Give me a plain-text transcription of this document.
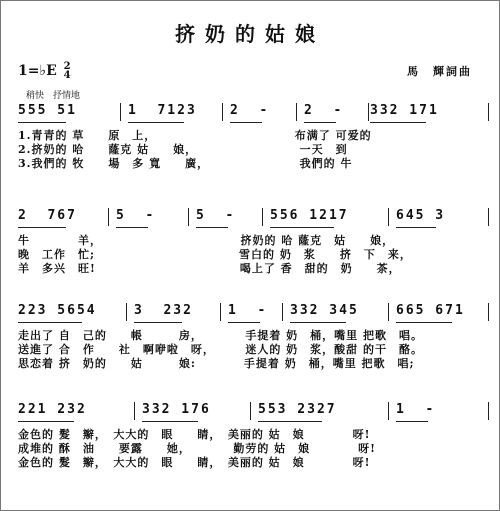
挤奶的姑娘
1=♭E 2
4	馬　輝詞曲
稍快　抒情地
555 51	1  7123	2  -	2  - 332 171
1.青青的 草　　原　上，　　　　　　　　　　　　布满了 可爱的
2.挤奶的 哈　　蕯克 姑　　娘，　　　　　　　　　一天　到
3.我們的 牧　　場　多 寬　　廣，　　　　　　　　我們的 牛
2  767	5  -	5  -	556 1217	645 3
牛　　　　羊，　　　　　　　　　　　　挤奶的 哈 蕯克　姑　　娘，
晚　工作　忙;　　　　　　　　　　　　雪白的 奶　浆　　挤　下　来，
羊　多兴　旺!　　　　　　　　　　　　喝上了 香　甜的　奶　　茶，
223 5654	3  232	1  - 332 345	665 671
走出了 自　己的　　帳　　　房，　　　　手提着 奶　桶，嘴里 把歌　唱。
送進了 合　作　　社　啊咿啦　呀，　　　迷人的 奶　浆，酸甜 的干　酪。
思恋着 挤　奶的　　姑　　　娘:　　　　手提着 奶　桶，嘴里 把歌　唱;
221 232	332 176	553 2327	1  -
金色的 髮　辮，　大大的　眼　　睛，　美丽的 姑　娘　　　　呀!
成堆的 酥　油　　要露　　她，　　　　勤劳的 姑　娘　　　　呀!
金色的 髮　辮，　大大的　眼　　睛，　美丽的 姑　娘　　　　呀!
